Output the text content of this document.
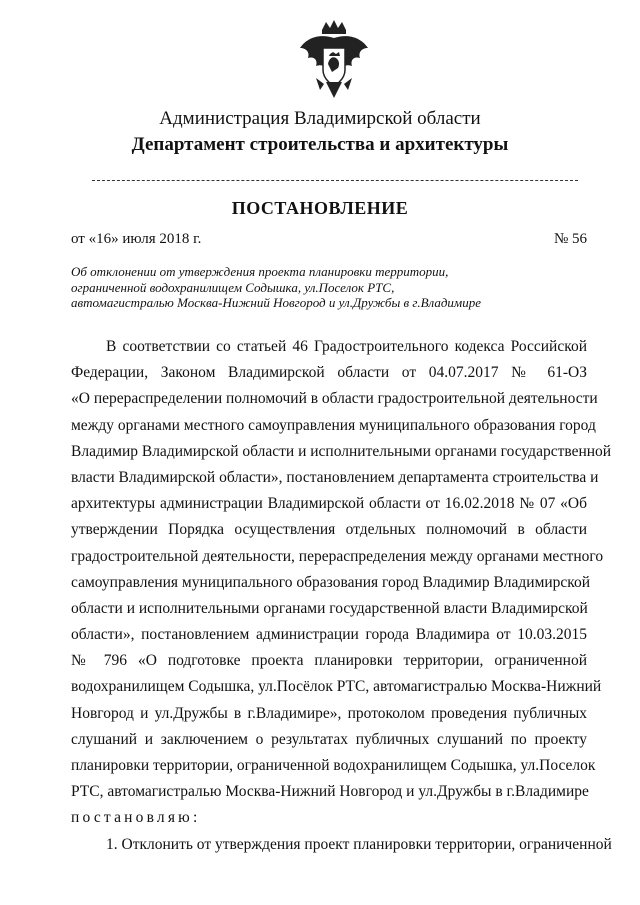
Администрация Владимирской области
Департамент строительства и архитектуры
ПОСТАНОВЛЕНИЕ
от «16» июля 2018 г.	№ 56
Об отклонении от утверждения проекта планировки территории,
ограниченной водохранилищем Содышка, ул.Поселок РТС,
автомагистралью Москва-Нижний Новгород и ул.Дружбы в г.Владимире
В соответствии со статьей 46 Градостроительного кодекса Российской
Федерации, Законом Владимирской области от 04.07.2017 № 61-ОЗ
«О перераспределении полномочий в области градостроительной деятельности
между органами местного самоуправления муниципального образования город
Владимир Владимирской области и исполнительными органами государственной
власти Владимирской области», постановлением департамента строительства и
архитектуры администрации Владимирской области от 16.02.2018 № 07 «Об
утверждении Порядка осуществления отдельных полномочий в области
градостроительной деятельности, перераспределения между органами местного
самоуправления муниципального образования город Владимир Владимирской
области и исполнительными органами государственной власти Владимирской
области», постановлением администрации города Владимира от 10.03.2015
№ 796 «О подготовке проекта планировки территории, ограниченной
водохранилищем Содышка, ул.Посёлок РТС, автомагистралью Москва-Нижний
Новгород и ул.Дружбы в г.Владимире», протоколом проведения публичных
слушаний и заключением о результатах публичных слушаний по проекту
планировки территории, ограниченной водохранилищем Содышка, ул.Поселок
РТС, автомагистралью Москва-Нижний Новгород и ул.Дружбы в г.Владимире
постановляю:
1. Отклонить от утверждения проект планировки территории, ограниченной
